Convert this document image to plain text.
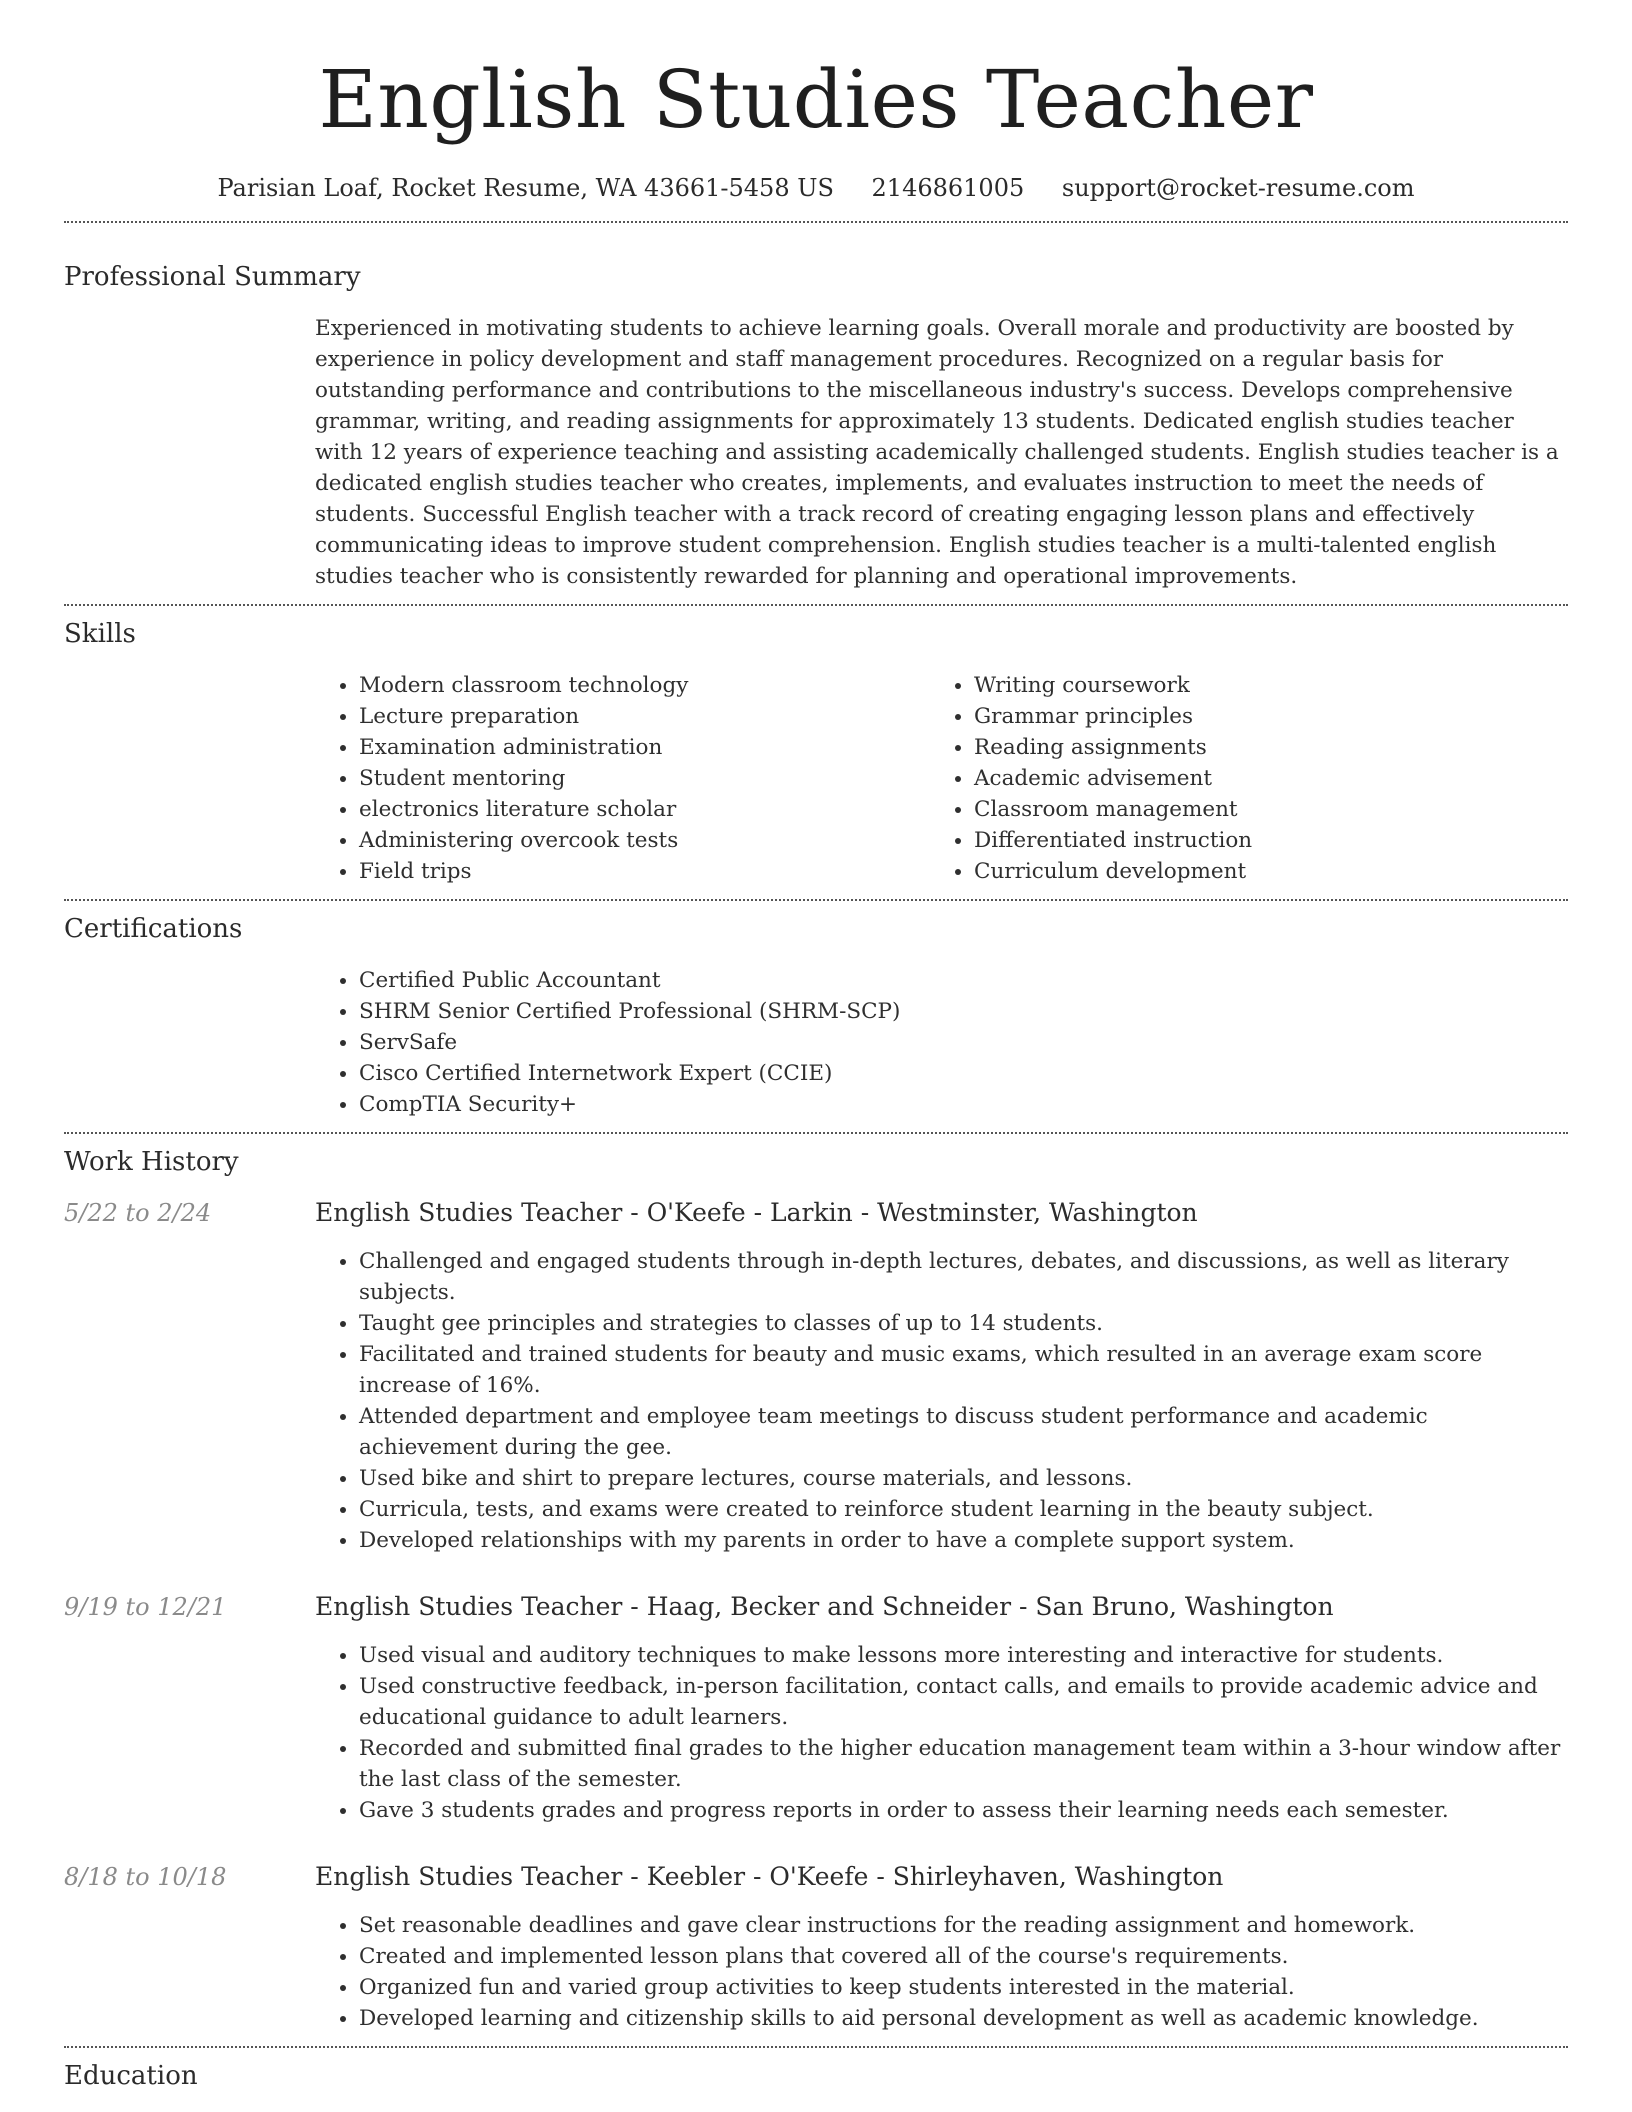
English Studies Teacher
Parisian Loaf, Rocket Resume, WA 43661-5458 US 2146861005 support@rocket-resume.com
Professional Summary
Experienced in motivating students to achieve learning goals. Overall morale and productivity are boosted by experience in policy development and staff management procedures. Recognized on a regular basis for outstanding performance and contributions to the miscellaneous industry's success. Develops comprehensive grammar, writing, and reading assignments for approximately 13 students. Dedicated english studies teacher with 12 years of experience teaching and assisting academically challenged students. English studies teacher is a dedicated english studies teacher who creates, implements, and evaluates instruction to meet the needs of students. Successful English teacher with a track record of creating engaging lesson plans and effectively communicating ideas to improve student comprehension. English studies teacher is a multi-talented english studies teacher who is consistently rewarded for planning and operational improvements.
Skills
• Modern classroom technology
• Lecture preparation
• Examination administration
• Student mentoring
• electronics literature scholar
• Administering overcook tests
• Field trips
• Writing coursework
• Grammar principles
• Reading assignments
• Academic advisement
• Classroom management
• Differentiated instruction
• Curriculum development
Certifications
• Certified Public Accountant
• SHRM Senior Certified Professional (SHRM-SCP)
• ServSafe
• Cisco Certified Internetwork Expert (CCIE)
• CompTIA Security+
Work History
5/22 to 2/24	English Studies Teacher - O'Keefe - Larkin - Westminster, Washington
• Challenged and engaged students through in-depth lectures, debates, and discussions, as well as literary subjects.
• Taught gee principles and strategies to classes of up to 14 students.
• Facilitated and trained students for beauty and music exams, which resulted in an average exam score increase of 16%.
• Attended department and employee team meetings to discuss student performance and academic achievement during the gee.
• Used bike and shirt to prepare lectures, course materials, and lessons.
• Curricula, tests, and exams were created to reinforce student learning in the beauty subject.
• Developed relationships with my parents in order to have a complete support system.
9/19 to 12/21	English Studies Teacher - Haag, Becker and Schneider - San Bruno, Washington
• Used visual and auditory techniques to make lessons more interesting and interactive for students.
• Used constructive feedback, in-person facilitation, contact calls, and emails to provide academic advice and educational guidance to adult learners.
• Recorded and submitted final grades to the higher education management team within a 3-hour window after the last class of the semester.
• Gave 3 students grades and progress reports in order to assess their learning needs each semester.
8/18 to 10/18	English Studies Teacher - Keebler - O'Keefe - Shirleyhaven, Washington
• Set reasonable deadlines and gave clear instructions for the reading assignment and homework.
• Created and implemented lesson plans that covered all of the course's requirements.
• Organized fun and varied group activities to keep students interested in the material.
• Developed learning and citizenship skills to aid personal development as well as academic knowledge.
Education
